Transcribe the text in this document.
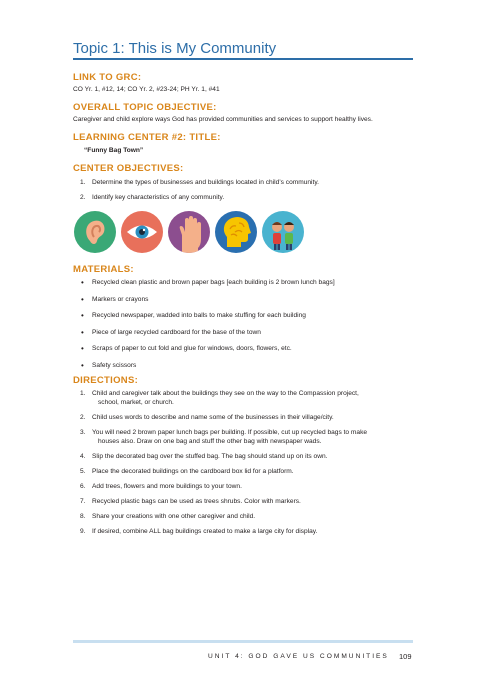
Topic 1: This is My Community
LINK TO GRC:
CO Yr. 1, #12, 14; CO Yr. 2, #23-24; PH Yr. 1, #41
OVERALL TOPIC OBJECTIVE:
Caregiver and child explore ways God has provided communities and services to support healthy lives.
LEARNING CENTER #2: TITLE:
“Funny Bag Town”
CENTER OBJECTIVES:
1. Determine the types of businesses and buildings located in child’s community.
2. Identify key characteristics of any community.
MATERIALS:
• Recycled clean plastic and brown paper bags [each building is 2 brown lunch bags]
• Markers or crayons
• Recycled newspaper, wadded into balls to make stuffing for each building
• Piece of large recycled cardboard for the base of the town
• Scraps of paper to cut fold and glue for windows, doors, flowers, etc.
• Safety scissors
DIRECTIONS:
1. Child and caregiver talk about the buildings they see on the way to the Compassion project,
school, market, or church.
2. Child uses words to describe and name some of the businesses in their village/city.
3. You will need 2 brown paper lunch bags per building. If possible, cut up recycled bags to make
houses also. Draw on one bag and stuff the other bag with newspaper wads.
4. Slip the decorated bag over the stuffed bag. The bag should stand up on its own.
5. Place the decorated buildings on the cardboard box lid for a platform.
6. Add trees, flowers and more buildings to your town.
7. Recycled plastic bags can be used as trees shrubs. Color with markers.
8. Share your creations with one other caregiver and child.
9. If desired, combine ALL bag buildings created to make a large city for display.
UNIT 4: GOD GAVE US COMMUNITIES 109
